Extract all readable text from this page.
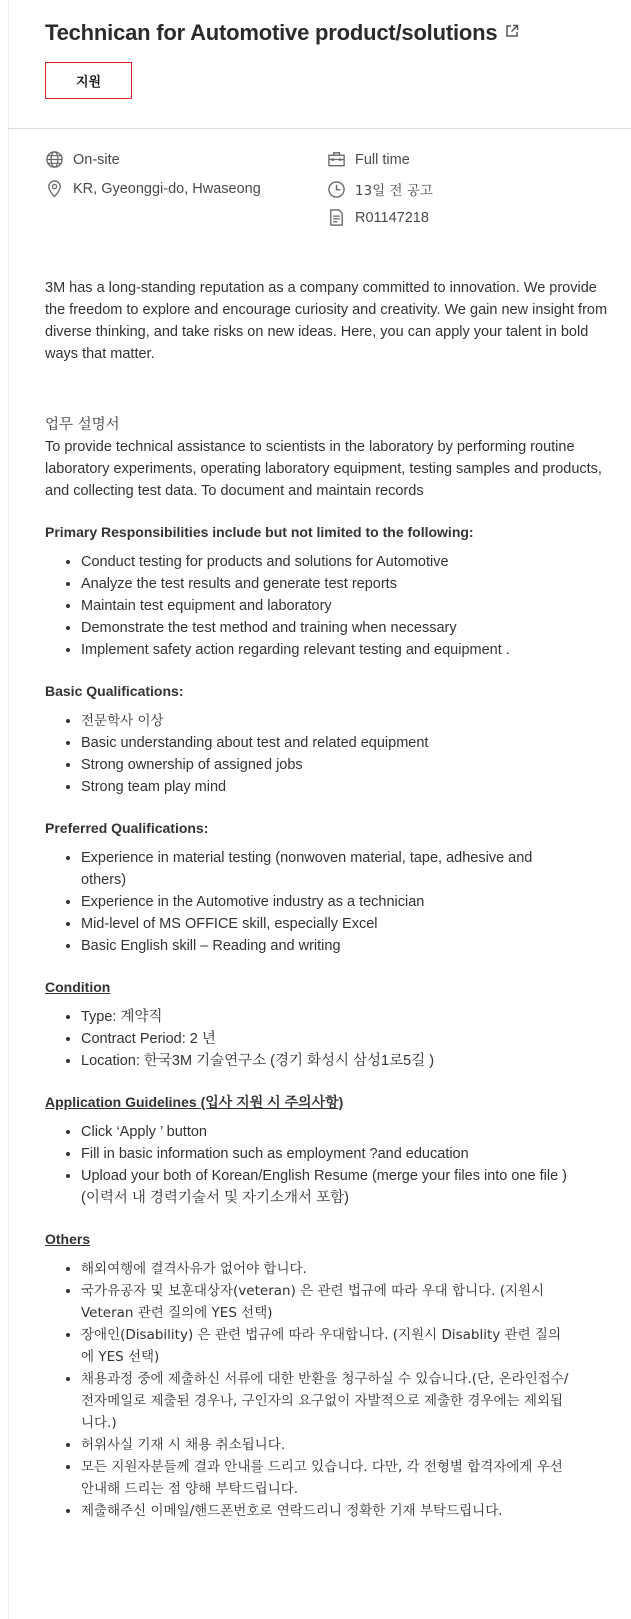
Technican for Automotive product/solutions
지원
On-site
KR, Gyeonggi-do, Hwaseong
Full time
13일 전 공고
R01147218

3M has a long-standing reputation as a company committed to innovation. We provide the freedom to explore and encourage curiosity and creativity. We gain new insight from diverse thinking, and take risks on new ideas. Here, you can apply your talent in bold ways that matter.

업무 설명서

To provide technical assistance to scientists in the laboratory by performing routine laboratory experiments, operating laboratory equipment, testing samples and products, and collecting test data. To document and maintain records

Primary Responsibilities include but not limited to the following:

• Conduct testing for products and solutions for Automotive
• Analyze the test results and generate test reports
• Maintain test equipment and laboratory
• Demonstrate the test method and training when necessary
• Implement safety action regarding relevant testing and equipment .

Basic Qualifications:

• 전문학사 이상
• Basic understanding about test and related equipment
• Strong ownership of assigned jobs
• Strong team play mind

Preferred Qualifications:

• Experience in material testing (nonwoven material, tape, adhesive and others)
• Experience in the Automotive industry as a technician
• Mid-level of MS OFFICE skill, especially Excel
• Basic English skill – Reading and writing

Condition

• Type: 계약직
• Contract Period: 2 년
• Location: 한국3M 기술연구소 (경기 화성시 삼성1로5길 )

Application Guidelines (입사 지원 시 주의사항)

• Click ‘Apply ’ button
• Fill in basic information such as employment ?and education
• Upload your both of Korean/English Resume (merge your files into one file )(이력서 내 경력기술서 및 자기소개서 포함)

Others

• 해외여행에 결격사유가 없어야 합니다.
• 국가유공자 및 보훈대상자(veteran) 은 관련 법규에 따라 우대 합니다. (지원시 Veteran 관련 질의에 YES 선택)
• 장애인(Disability) 은 관련 법규에 따라 우대합니다. (지원시 Disablity 관련 질의에 YES 선택)
• 채용과정 중에 제출하신 서류에 대한 반환을 청구하실 수 있습니다.(단, 온라인접수/전자메일로 제출된 경우나, 구인자의 요구없이 자발적으로 제출한 경우에는 제외됩니다.)
• 허위사실 기재 시 채용 취소됩니다.
• 모든 지원자분들께 결과 안내를 드리고 있습니다. 다만, 각 전형별 합격자에게 우선 안내해 드리는 점 양해 부탁드립니다.
• 제출해주신 이메일/핸드폰번호로 연락드리니 정확한 기재 부탁드립니다.
